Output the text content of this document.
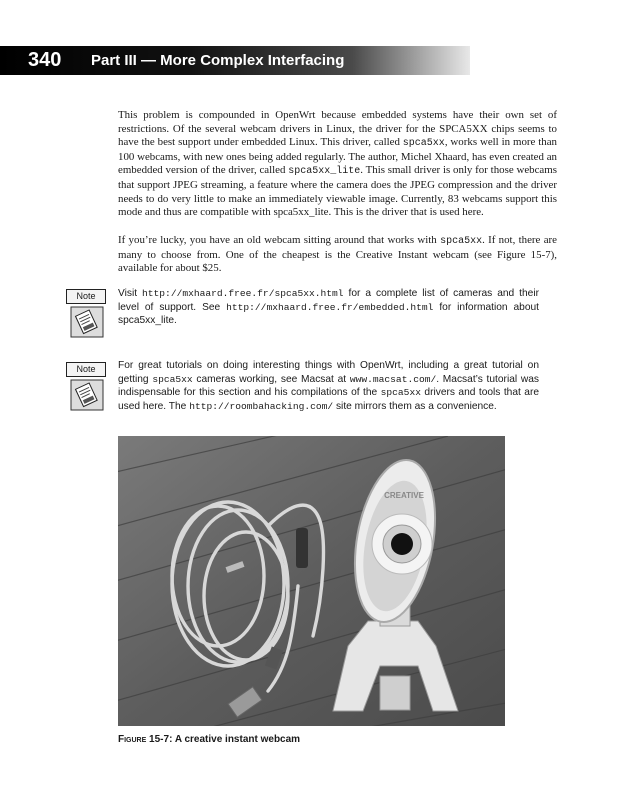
340 Part III — More Complex Interfacing

This problem is compounded in OpenWrt because embedded systems have their own set of restrictions. Of the several webcam drivers in Linux, the driver for the SPCA5XX chips seems to have the best support under embedded Linux. This driver, called spca5xx, works well in more than 100 webcams, with new ones being added regularly. The author, Michel Xhaard, has even created an embedded version of the driver, called spca5xx_lite. This small driver is only for those webcams that support JPEG streaming, a feature where the camera does the JPEG compression and the driver needs to do very little to make an immediately viewable image. Currently, 83 webcams support this mode and thus are compatible with spca5xx_lite. This is the driver that is used here.

If you’re lucky, you have an old webcam sitting around that works with spca5xx. If not, there are many to choose from. One of the cheapest is the Creative Instant webcam (see Figure 15-7), available for about $25.

Note	Visit http://mxhaard.free.fr/spca5xx.html for a complete list of cameras and their level of support. See http://mxhaard.free.fr/embedded.html for information about spca5xx_lite.

Note	For great tutorials on doing interesting things with OpenWrt, including a great tutorial on getting spca5xx cameras working, see Macsat at www.macsat.com/. Macsat’s tutorial was indispensable for this section and his compilations of the spca5xx drivers and tools that are used here. The http://roombahacking.com/ site mirrors them as a convenience.

CREATIVE
Figure 15-7: A creative instant webcam
